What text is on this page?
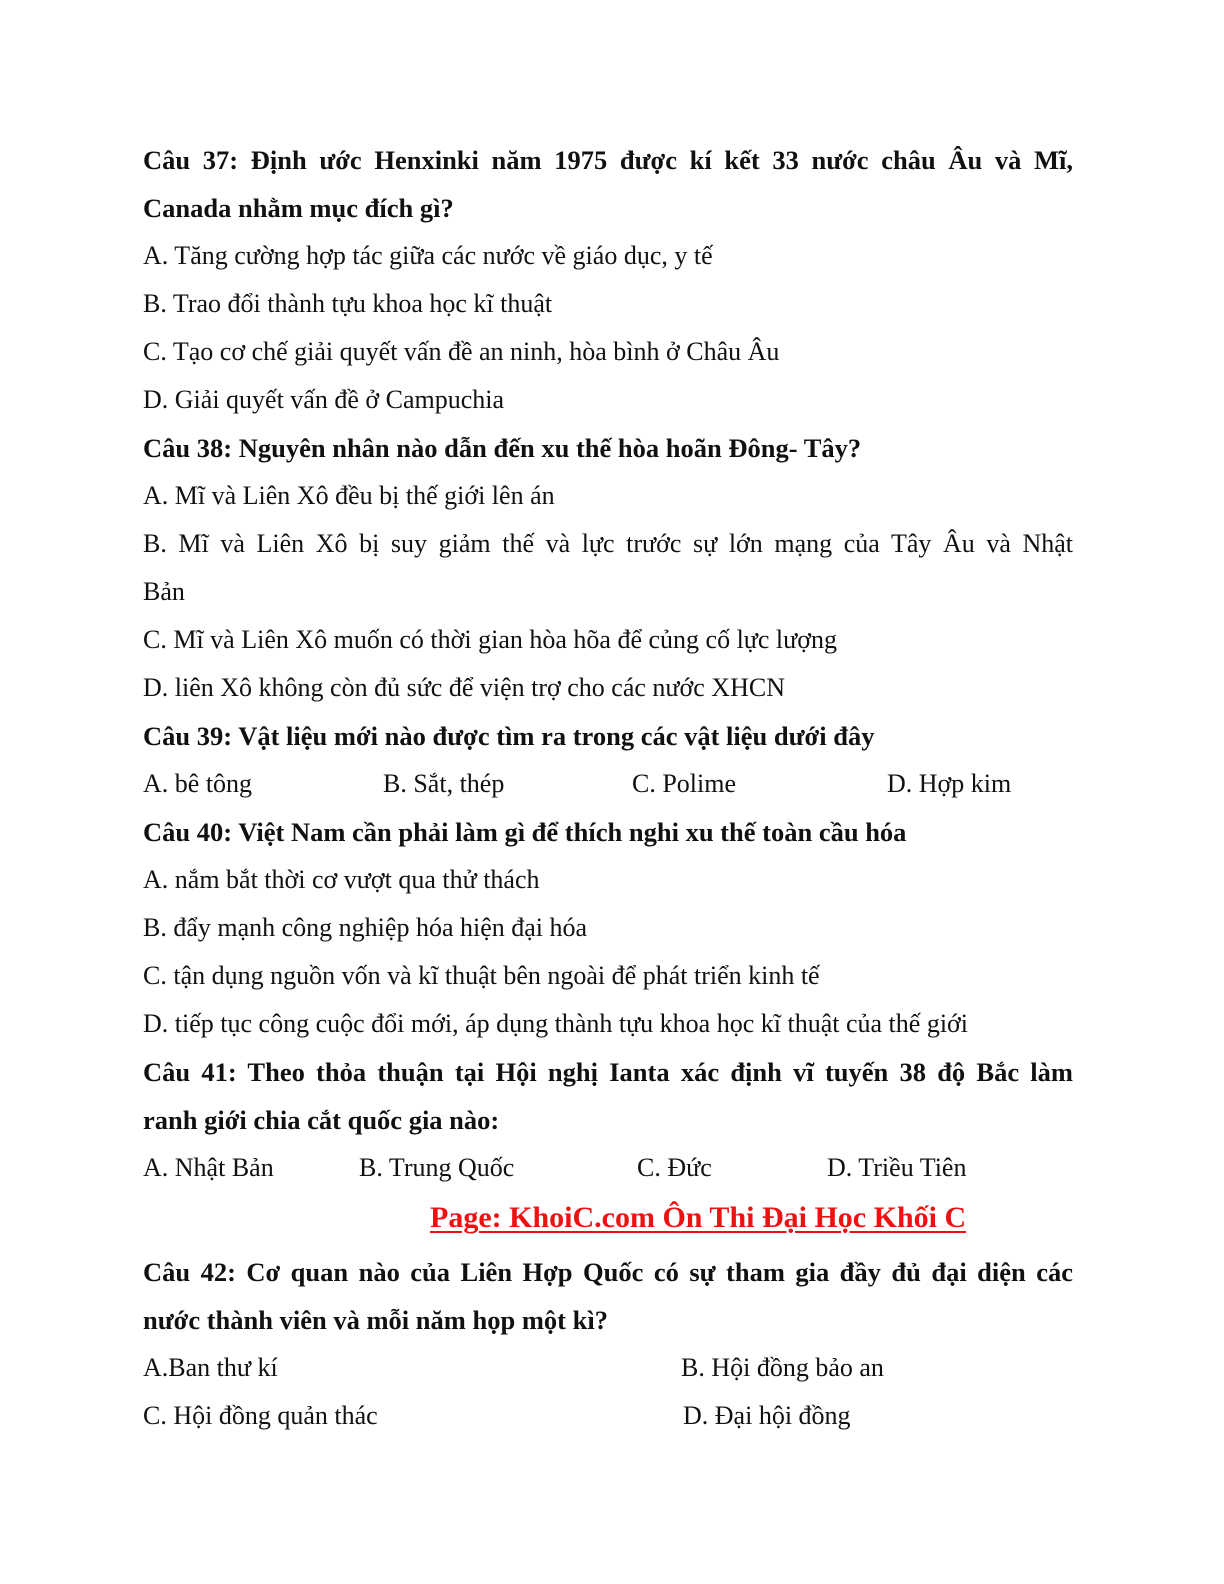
Câu 37: Định ước Henxinki năm 1975 được kí kết 33 nước châu Âu và Mĩ,
Canada nhằm mục đích gì?
A. Tăng cường hợp tác giữa các nước về giáo dục, y tế
B. Trao đổi thành tựu khoa học kĩ thuật
C. Tạo cơ chế giải quyết vấn đề an ninh, hòa bình ở Châu Âu
D. Giải quyết vấn đề ở Campuchia
Câu 38: Nguyên nhân nào dẫn đến xu thế hòa hoãn Đông- Tây?
A. Mĩ và Liên Xô đều bị thế giới lên án
B. Mĩ và Liên Xô bị suy giảm thế và lực trước sự lớn mạng của Tây Âu và Nhật
Bản
C. Mĩ và Liên Xô muốn có thời gian hòa hõa để củng cố lực lượng
D. liên Xô không còn đủ sức để viện trợ cho các nước XHCN
Câu 39: Vật liệu mới nào được tìm ra trong các vật liệu dưới đây
A. bê tông	B. Sắt, thép	C. Polime	D. Hợp kim
Câu 40: Việt Nam cần phải làm gì để thích nghi xu thế toàn cầu hóa
A. nắm bắt thời cơ vượt qua thử thách
B. đẩy mạnh công nghiệp hóa hiện đại hóa
C. tận dụng nguồn vốn và kĩ thuật bên ngoài để phát triển kinh tế
D. tiếp tục công cuộc đổi mới, áp dụng thành tựu khoa học kĩ thuật của thế giới
Câu 41: Theo thỏa thuận tại Hội nghị Ianta xác định vĩ tuyến 38 độ Bắc làm
ranh giới chia cắt quốc gia nào:
A. Nhật Bản	B. Trung Quốc	C. Đức	D. Triều Tiên
Page: KhoiC.com Ôn Thi Đại Học Khối C
Câu 42: Cơ quan nào của Liên Hợp Quốc có sự tham gia đầy đủ đại diện các
nước thành viên và mỗi năm họp một kì?
A.Ban thư kí	B. Hội đồng bảo an
C. Hội đồng quản thác	D. Đại hội đồng
